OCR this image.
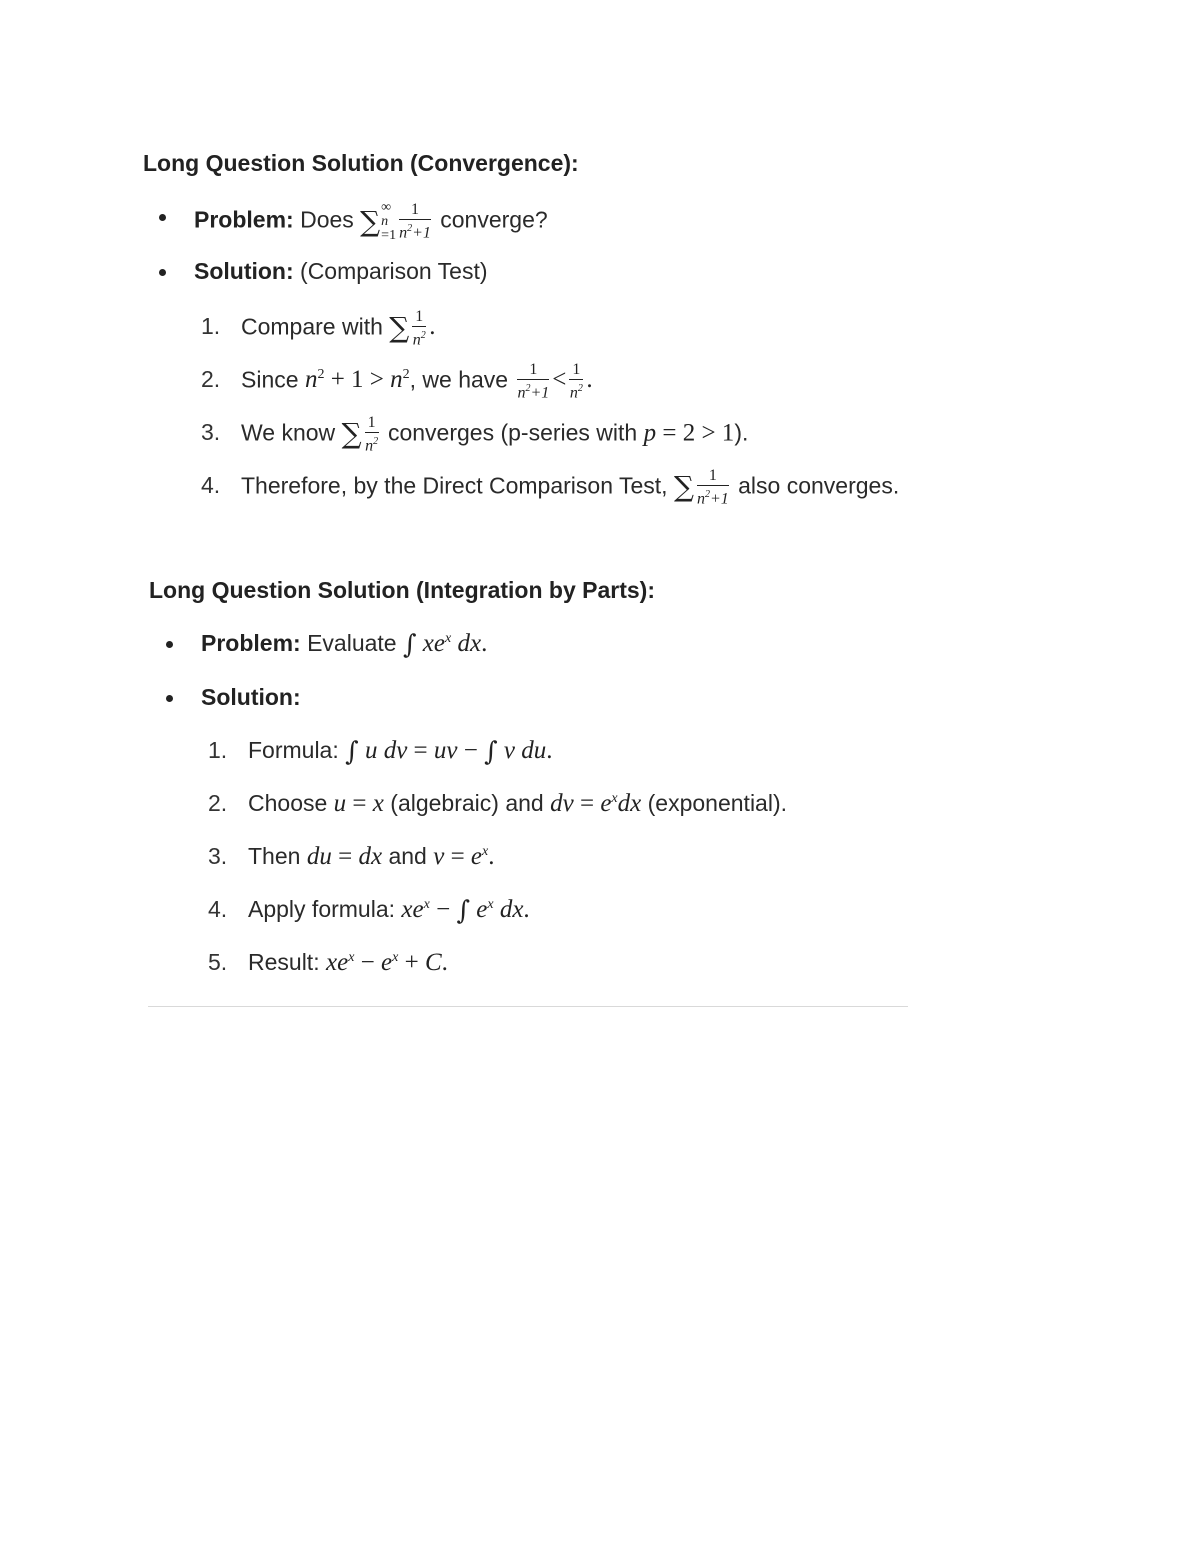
Long Question Solution (Convergence):
Problem: Does ∑ ∞
n
$=1 \frac{1}{n^2+1}$ converge?
Solution: (Comparison Test)
1. Compare with ∑ $\frac{1}{n^2}$ .
2. Since $n^2 + 1 > n^2$, we have $\frac{1}{n^2+1} < \frac{1}{n^2}$ .
3. We know ∑ $\frac{1}{n^2}$ converges (p-series with p = 2 > 1).
4. Therefore, by the Direct Comparison Test, ∑ $\frac{1}{n^2+1}$ also converges.
Long Question Solution (Integration by Parts):
Problem: Evaluate ∫ $xe^x$ dx.
Solution:
1. Formula: ∫ u dv = uv − ∫ v du.
2. Choose u = x (algebraic) and dv = $e^xdx$ (exponential).
3. Then du = dx and $v = e^x$.
4. Apply formula: $xe^x$ − ∫ $e^x$ dx.
5. Result: $xe^x - e^x + C$.
